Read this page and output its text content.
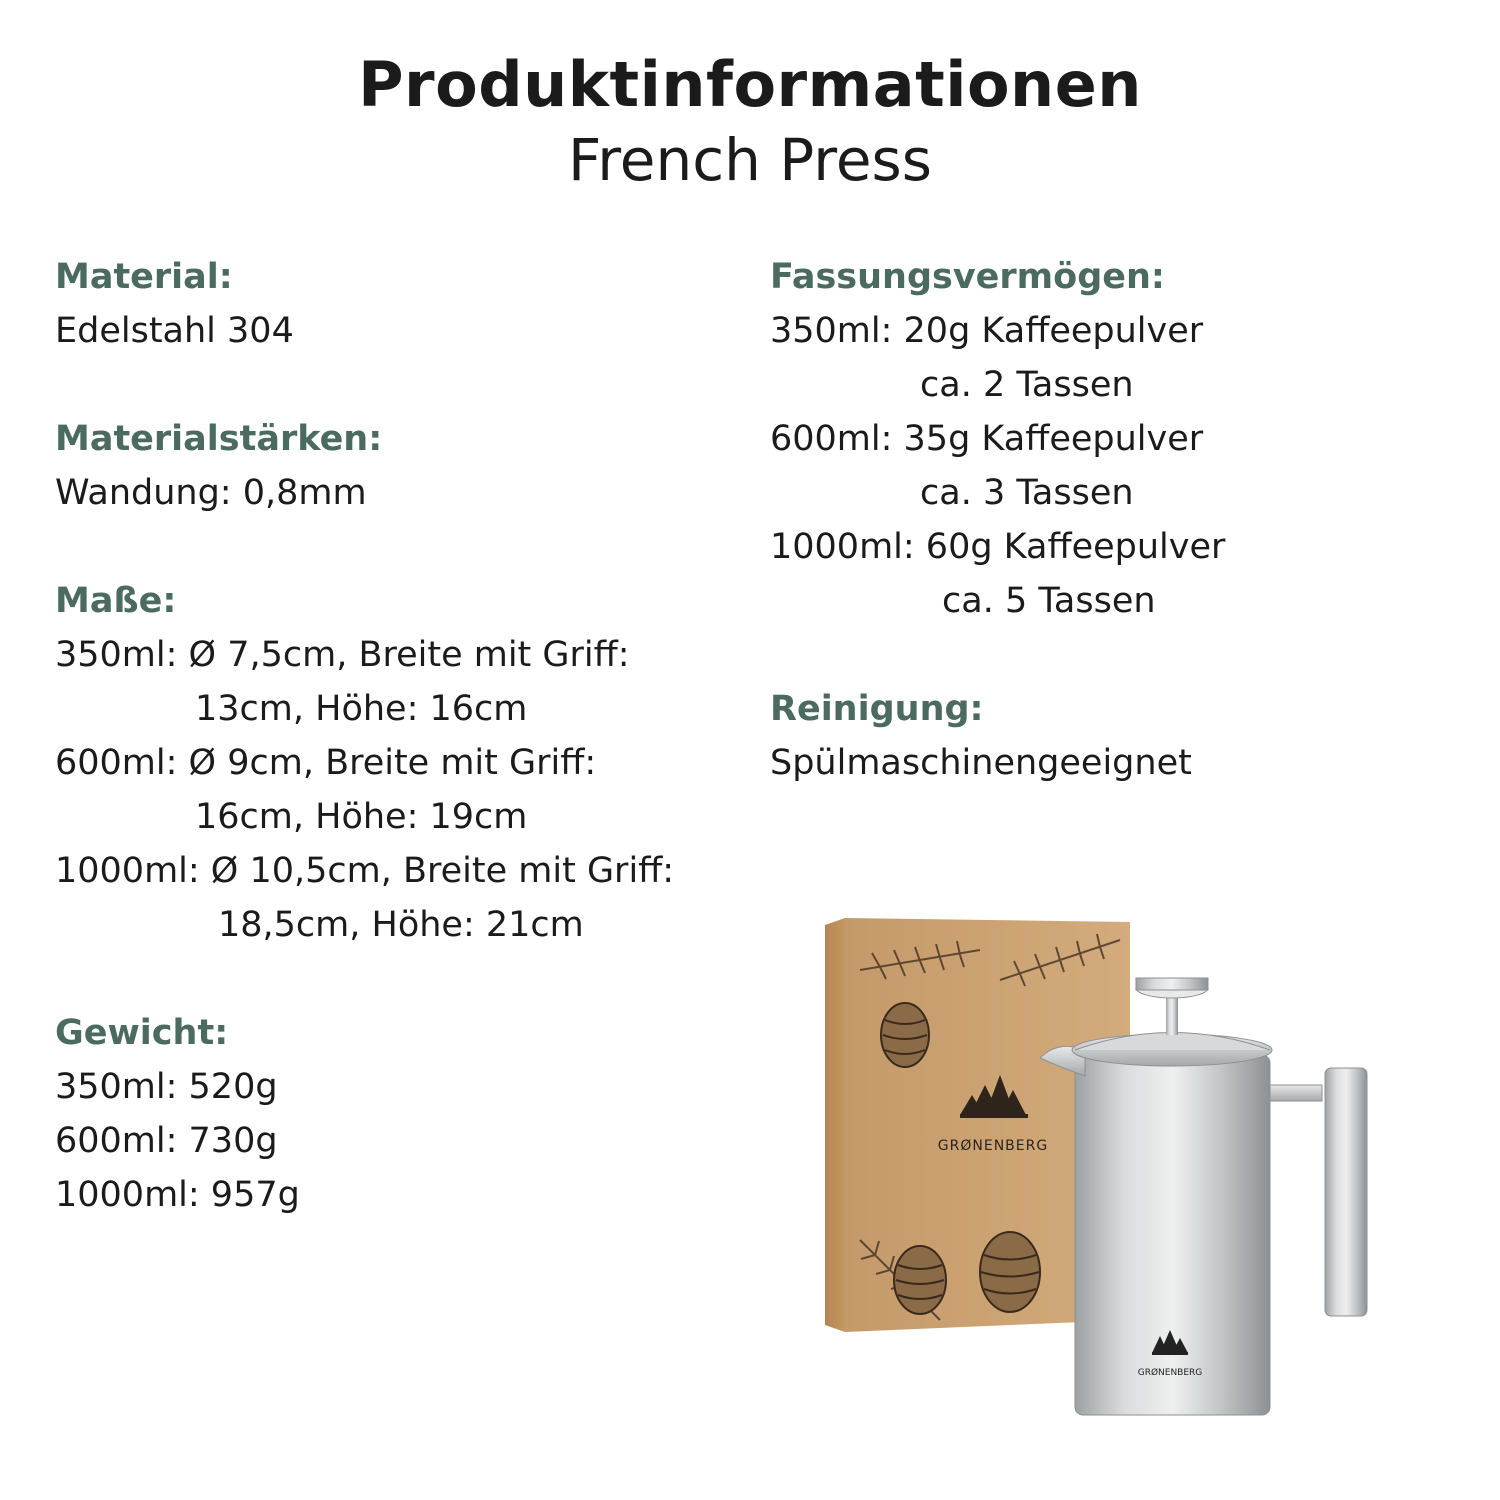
Produktinformationen
French Press
Material:
Edelstahl 304
Materialstärken:
Wandung: 0,8mm
Maße:
350ml: Ø 7,5cm, Breite mit Griff:
13cm, Höhe: 16cm
600ml: Ø 9cm, Breite mit Griff:
16cm, Höhe: 19cm
1000ml: Ø 10,5cm, Breite mit Griff:
18,5cm, Höhe: 21cm
Gewicht:
350ml: 520g
600ml: 730g
1000ml: 957g
Fassungsvermögen:
350ml: 20g Kaffeepulver
ca. 2 Tassen
600ml: 35g Kaffeepulver
ca. 3 Tassen
1000ml: 60g Kaffeepulver
ca. 5 Tassen
Reinigung:
Spülmaschinengeeignet
GRØNENBERG
GRØNENBERG
